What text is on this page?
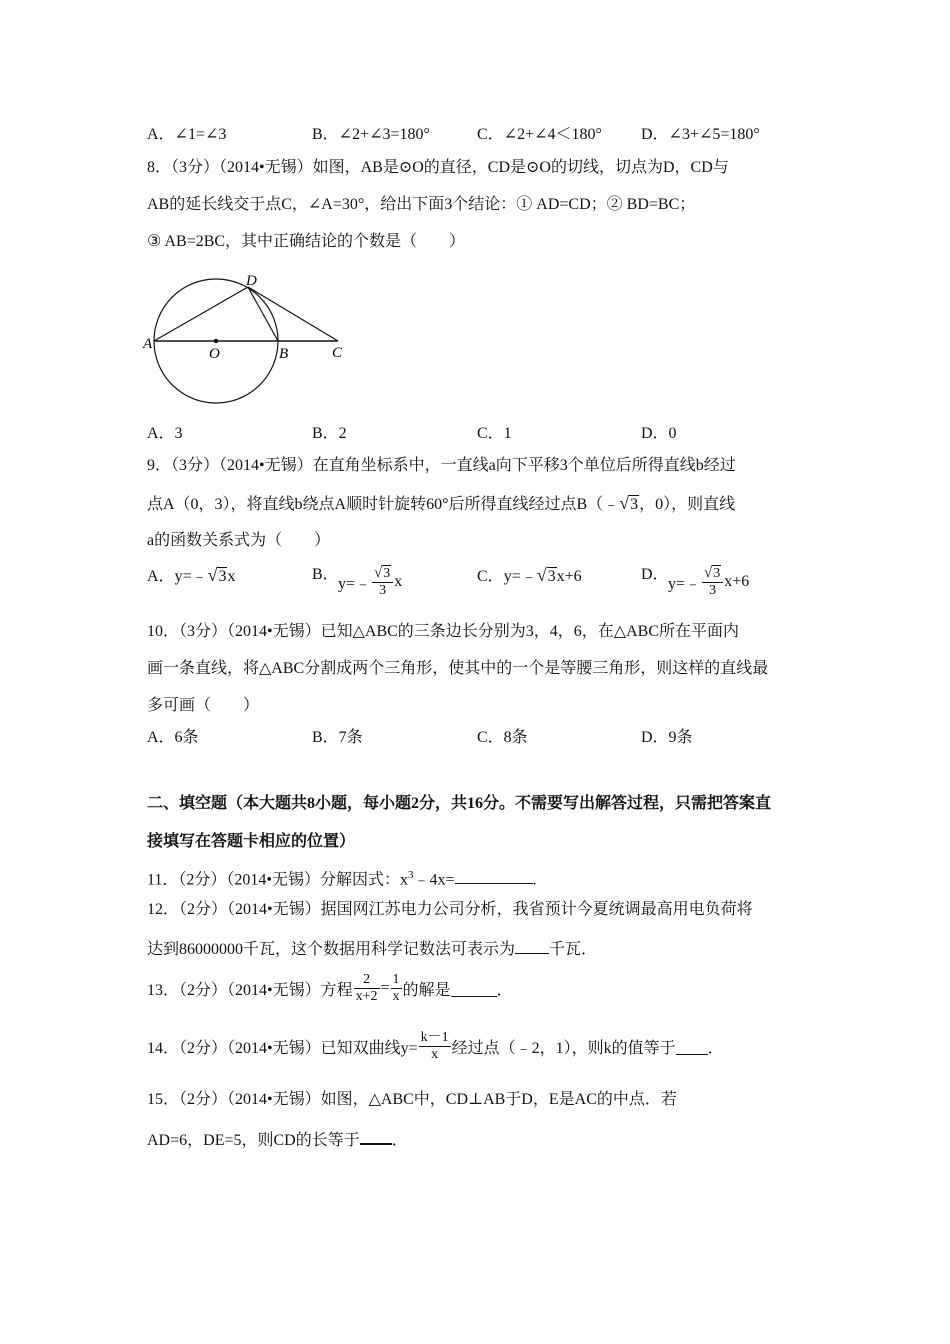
A．∠1=∠3	B．∠2+∠3=180°	C．∠2+∠4＜180° D．∠3+∠5=180°
8．（3分）（2014•无锡）如图，AB是⊙O的直径，CD是⊙O的切线，切点为D，CD与
AB的延长线交于点C，∠A=30°，给出下面3个结论：① AD=CD；② BD=BC；
③ AB=2BC，其中正确结论的个数是（　　）
A
O	B	C
D
A．3	B．2	C．1	D．0
9．（3分）（2014•无锡）在直角坐标系中，一直线a向下平移3个单位后所得直线b经过
点A（0，3），将直线b绕点A顺时针旋转60°后所得直线经过点B（﹣√3，0），则直线
a的函数关系式为（　　）
A．y=﹣√3x	B．
y=﹣ $\frac{√3}{3}$ x	C．y=﹣√3x+6	D．
y=﹣ $\frac{√3}{3} x+6$
10．（3分）（2014•无锡）已知△ABC的三条边长分别为3，4，6，在△ABC所在平面内
画一条直线，将△ABC分割成两个三角形，使其中的一个是等腰三角形，则这样的直线最
多可画（　　）
A．6条	B．7条	C．8条	D．9条
二、填空题（本大题共8小题，每小题2分，共16分。不需要写出解答过程，只需把答案直
接填写在答题卡相应的位置）
11．（2分）（2014•无锡）分解因式：$x^3﹣4x=$	.
12．（2分）（2014•无锡）据国网江苏电力公司分析，我省预计今夏统调最高用电负荷将
达到86000000千瓦，这个数据用科学记数法可表示为 千瓦．
13．（2分）（2014•无锡）方程 $\frac{2}{x+2} = \frac{1}{x}$ 的解是	．
14．（2分）（2014•无锡）已知双曲线$y= \frac{k-1}{x}$ 经过点（﹣2，1），则k的值等于 ．
15．（2分）（2014•无锡）如图，△ABC中，CD⊥AB于D，E是AC的中点．若
AD=6，DE=5，则CD的长等于 ．
